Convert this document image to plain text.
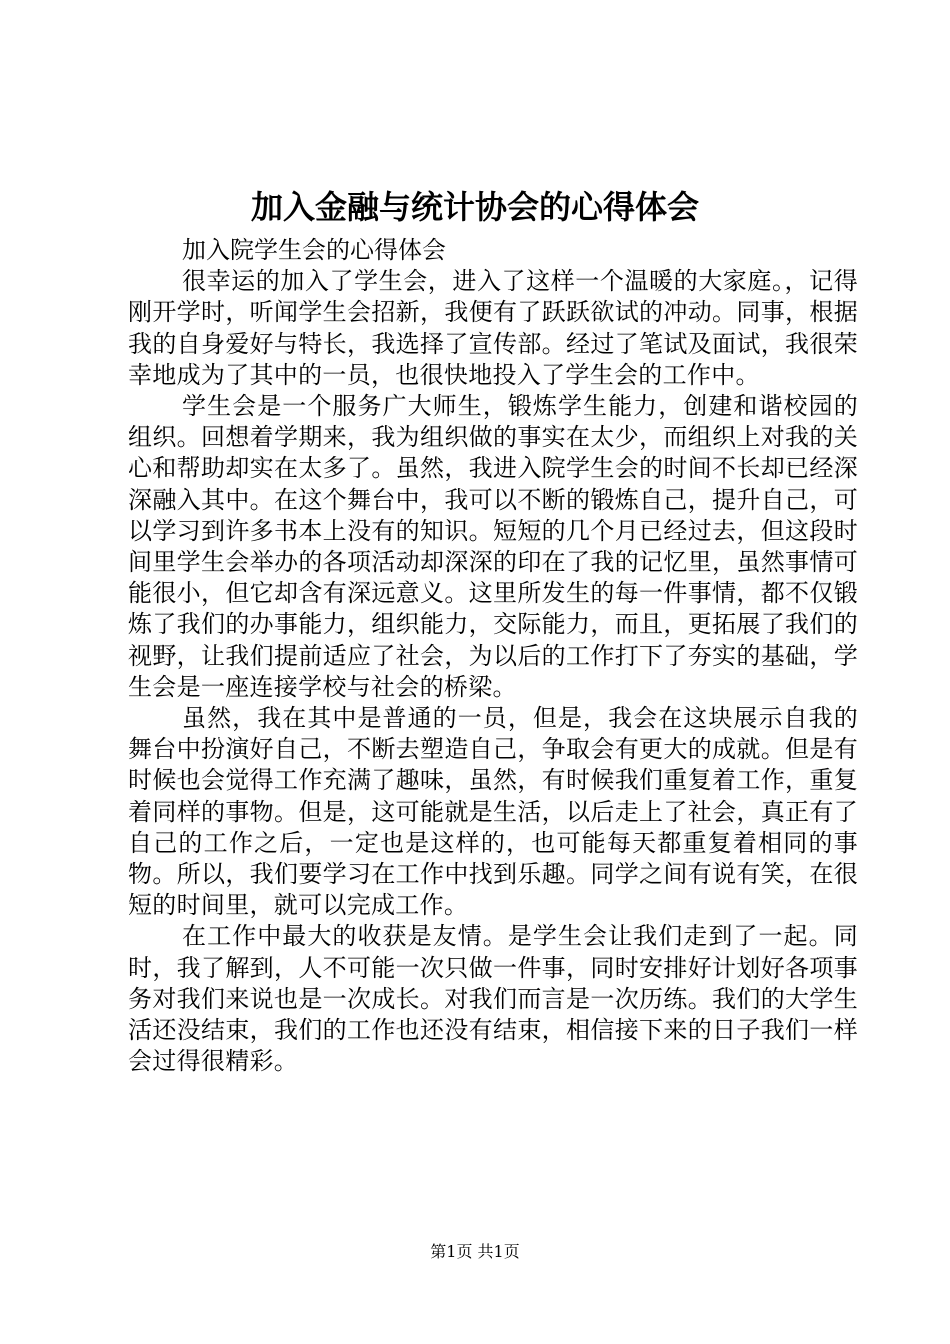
加入金融与统计协会的心得体会

加入院学生会的心得体会

很幸运的加入了学生会，进入了这样一个温暖的大家庭。，记得刚开学时，听闻学生会招新，我便有了跃跃欲试的冲动。同事，根据我的自身爱好与特长，我选择了宣传部。经过了笔试及面试，我很荣幸地成为了其中的一员，也很快地投入了学生会的工作中。

学生会是一个服务广大师生，锻炼学生能力，创建和谐校园的组织。回想着学期来，我为组织做的事实在太少，而组织上对我的关心和帮助却实在太多了。虽然，我进入院学生会的时间不长却已经深深融入其中。在这个舞台中，我可以不断的锻炼自己，提升自己，可以学习到许多书本上没有的知识。短短的几个月已经过去，但这段时间里学生会举办的各项活动却深深的印在了我的记忆里，虽然事情可能很小，但它却含有深远意义。这里所发生的每一件事情，都不仅锻炼了我们的办事能力，组织能力，交际能力，而且，更拓展了我们的视野，让我们提前适应了社会，为以后的工作打下了夯实的基础，学生会是一座连接学校与社会的桥梁。

虽然，我在其中是普通的一员，但是，我会在这块展示自我的舞台中扮演好自己，不断去塑造自己，争取会有更大的成就。但是有时候也会觉得工作充满了趣味，虽然，有时候我们重复着工作，重复着同样的事物。但是，这可能就是生活，以后走上了社会，真正有了自己的工作之后，一定也是这样的，也可能每天都重复着相同的事物。所以，我们要学习在工作中找到乐趣。同学之间有说有笑，在很短的时间里，就可以完成工作。

在工作中最大的收获是友情。是学生会让我们走到了一起。同时，我了解到，人不可能一次只做一件事，同时安排好计划好各项事务对我们来说也是一次成长。对我们而言是一次历练。我们的大学生活还没结束，我们的工作也还没有结束，相信接下来的日子我们一样会过得很精彩。

第1页 共1页
